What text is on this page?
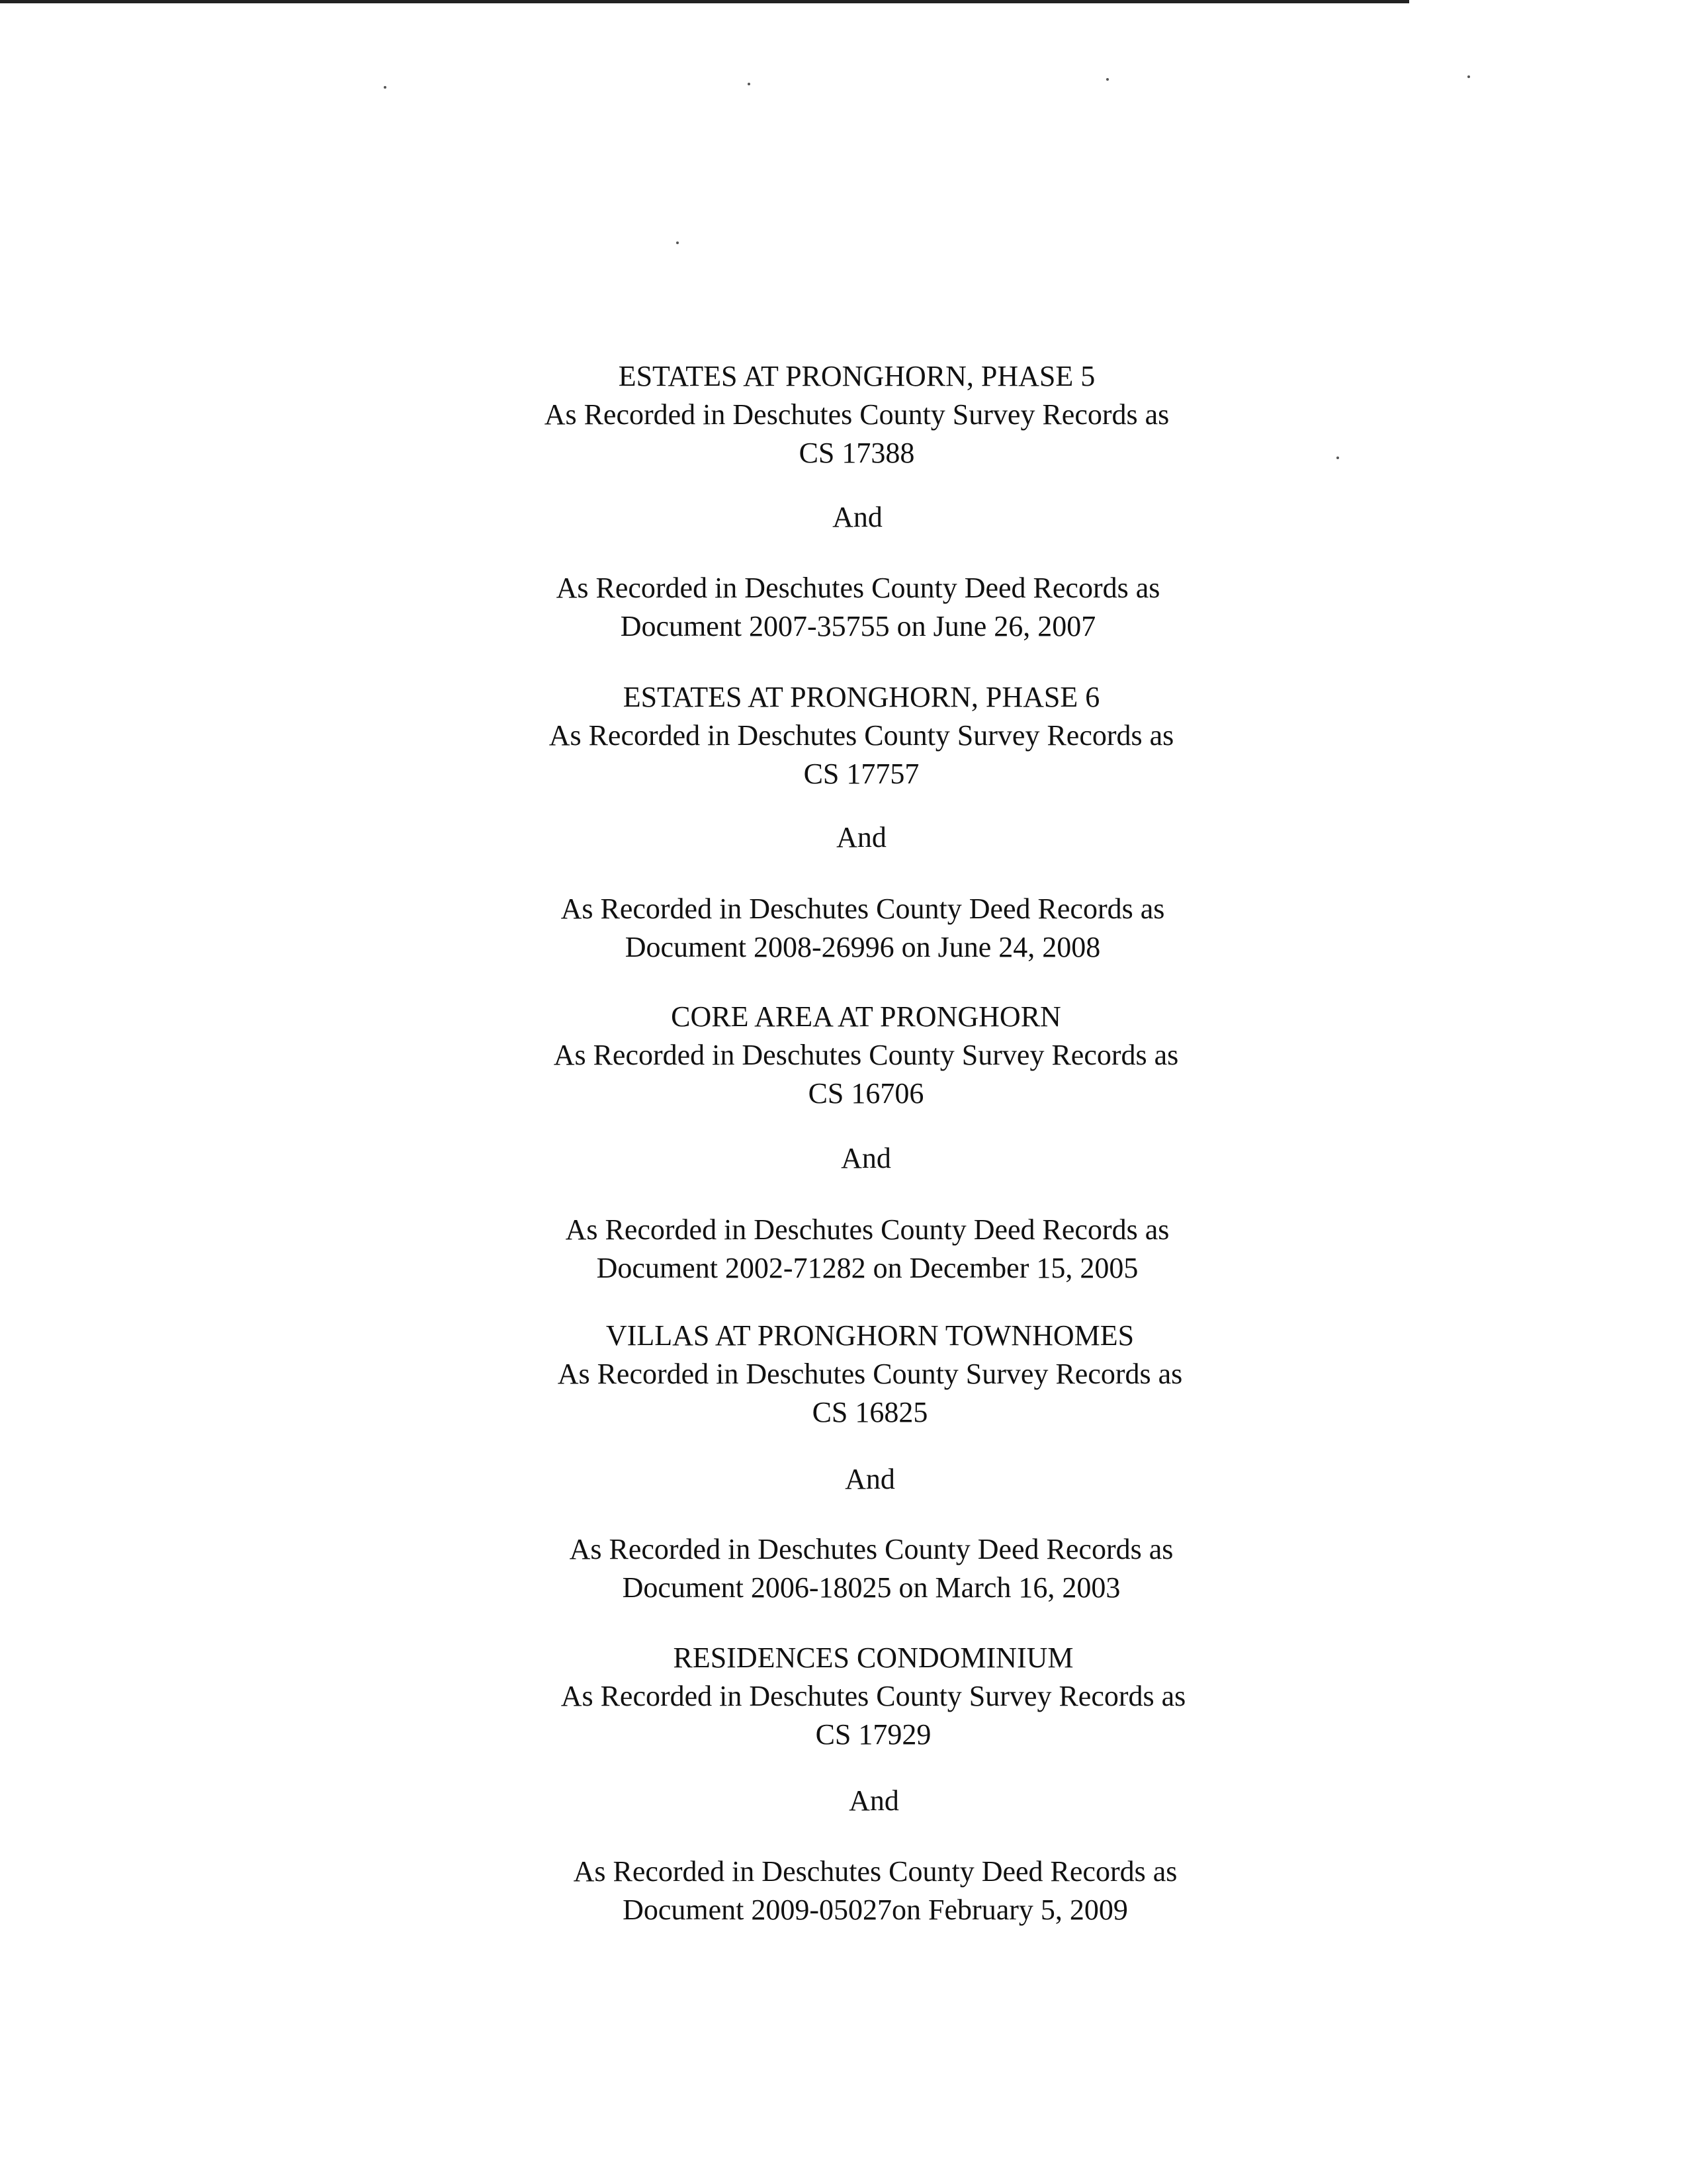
ESTATES AT PRONGHORN, PHASE 5
As Recorded in Deschutes County Survey Records as
CS 17388
And
As Recorded in Deschutes County Deed Records as
Document 2007-35755 on June 26, 2007
ESTATES AT PRONGHORN, PHASE 6
As Recorded in Deschutes County Survey Records as
CS 17757
And
As Recorded in Deschutes County Deed Records as
Document 2008-26996 on June 24, 2008
CORE AREA AT PRONGHORN
As Recorded in Deschutes County Survey Records as
CS 16706
And
As Recorded in Deschutes County Deed Records as
Document 2002-71282 on December 15, 2005
VILLAS AT PRONGHORN TOWNHOMES
As Recorded in Deschutes County Survey Records as
CS 16825
And
As Recorded in Deschutes County Deed Records as
Document 2006-18025 on March 16, 2003
RESIDENCES CONDOMINIUM
As Recorded in Deschutes County Survey Records as
CS 17929
And
As Recorded in Deschutes County Deed Records as
Document 2009-05027on February 5, 2009
